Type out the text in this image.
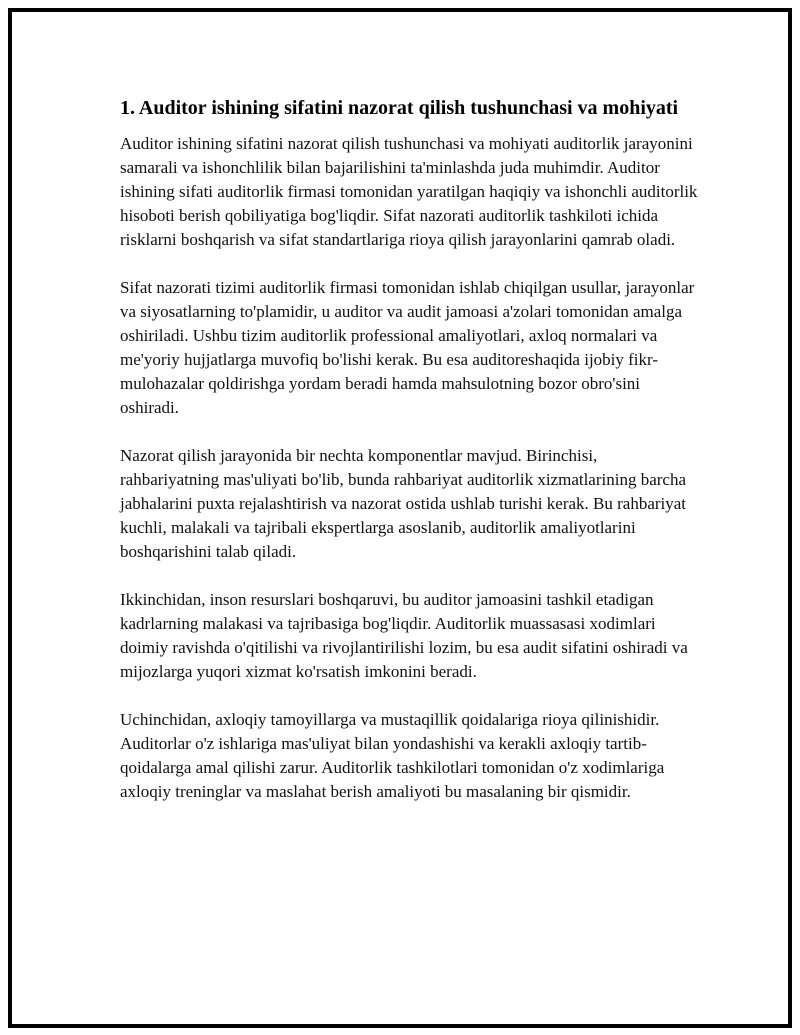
1. Auditor ishining sifatini nazorat qilish tushunchasi va mohiyati

Auditor ishining sifatini nazorat qilish tushunchasi va mohiyati auditorlik jarayonini samarali va ishonchlilik bilan bajarilishini ta'minlashda juda muhimdir. Auditor ishining sifati auditorlik firmasi tomonidan yaratilgan haqiqiy va ishonchli auditorlik hisoboti berish qobiliyatiga bog'liqdir. Sifat nazorati auditorlik tashkiloti ichida risklarni boshqarish va sifat standartlariga rioya qilish jarayonlarini qamrab oladi.

Sifat nazorati tizimi auditorlik firmasi tomonidan ishlab chiqilgan usullar, jarayonlar va siyosatlarning to'plamidir, u auditor va audit jamoasi a'zolari tomonidan amalga oshiriladi. Ushbu tizim auditorlik professional amaliyotlari, axloq normalari va me'yoriy hujjatlarga muvofiq bo'lishi kerak. Bu esa auditoreshaqida ijobiy fikr-mulohazalar qoldirishga yordam beradi hamda mahsulotning bozor obro'sini oshiradi.

Nazorat qilish jarayonida bir nechta komponentlar mavjud. Birinchisi, rahbariyatning mas'uliyati bo'lib, bunda rahbariyat auditorlik xizmatlarining barcha jabhalarini puxta rejalashtirish va nazorat ostida ushlab turishi kerak. Bu rahbariyat kuchli, malakali va tajribali ekspertlarga asoslanib, auditorlik amaliyotlarini boshqarishini talab qiladi.

Ikkinchidan, inson resurslari boshqaruvi, bu auditor jamoasini tashkil etadigan kadrlarning malakasi va tajribasiga bog'liqdir. Auditorlik muassasasi xodimlari doimiy ravishda o'qitilishi va rivojlantirilishi lozim, bu esa audit sifatini oshiradi va mijozlarga yuqori xizmat ko'rsatish imkonini beradi.

Uchinchidan, axloqiy tamoyillarga va mustaqillik qoidalariga rioya qilinishidir. Auditorlar o'z ishlariga mas'uliyat bilan yondashishi va kerakli axloqiy tartib-qoidalarga amal qilishi zarur. Auditorlik tashkilotlari tomonidan o'z xodimlariga axloqiy treninglar va maslahat berish amaliyoti bu masalaning bir qismidir.
